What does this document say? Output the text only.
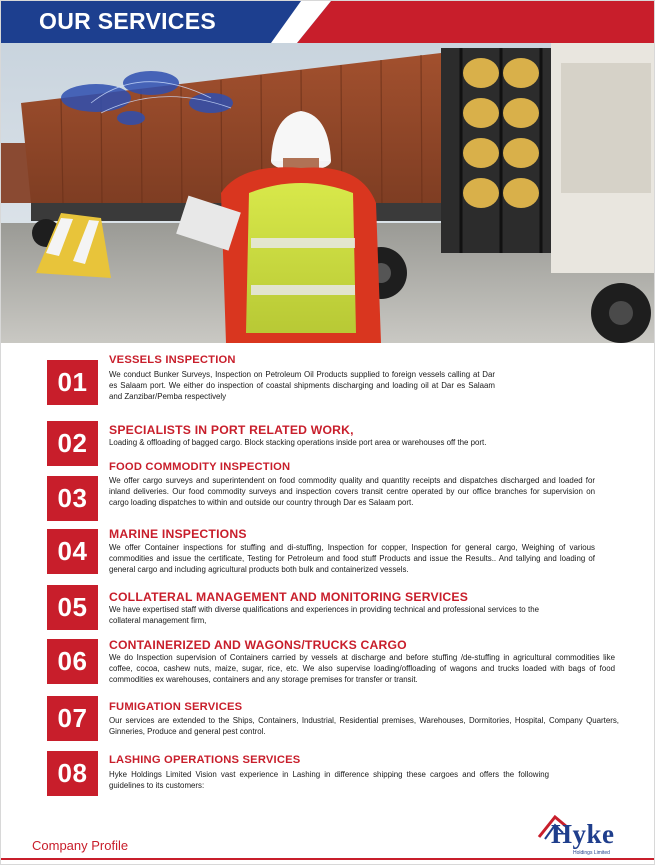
OUR SERVICES
01
VESSELS INSPECTION
We conduct Bunker Surveys, Inspection on Petroleum Oil Products supplied to foreign vessels calling at Dar es Salaam port. We either do inspection of coastal shipments discharging and loading oil at Dar es Salaam and Zanzibar/Pemba respectively
02	SPECIALISTS IN PORT RELATED WORK,
Loading & offloading of bagged cargo. Block stacking operations inside port area or warehouses off the port.
03
FOOD COMMODITY INSPECTION
We offer cargo surveys and superintendent on food commodity quality and quantity receipts and dispatches discharged and loaded for inland deliveries. Our food commodity surveys and inspection covers transit centre operated by our office branches for supervision on cargo loading dispatches to within and outside our country through Dar es Salaam port.
04
MARINE INSPECTIONS
We offer Container inspections for stuffing and di-stuffing, Inspection for copper, Inspection for general cargo, Weighing of various commodities and issue the certificate, Testing for Petroleum and food stuff Products and issue the Results.. And tallying and loading of general cargo and including agricultural products both bulk and containerized vessels.
05	COLLATERAL MANAGEMENT AND MONITORING SERVICES
We have expertised staff with diverse qualifications and experiences in providing technical and professional services to the collateral management firm,
06
CONTAINERIZED AND WAGONS/TRUCKS CARGO
We do Inspection supervision of Containers carried by vessels at discharge and before stuffing /de-stuffing in agricultural commodities like coffee, cocoa, cashew nuts, maize, sugar, rice, etc. We also supervise loading/offloading of wagons and trucks loaded with bags of food commodities ex warehouses, containers and any storage premises for transfer or transit.
07	FUMIGATION SERVICES
Our services are extended to the Ships, Containers, Industrial, Residential premises, Warehouses, Dormitories, Hospital, Company Quarters, Ginneries, Produce and general pest control.
08	LASHING OPERATIONS SERVICES
Hyke Holdings Limited Vision vast experience in Lashing in difference shipping these cargoes and offers the following guidelines to its customers:
Company Profile	Hyke
Holdings Limited
